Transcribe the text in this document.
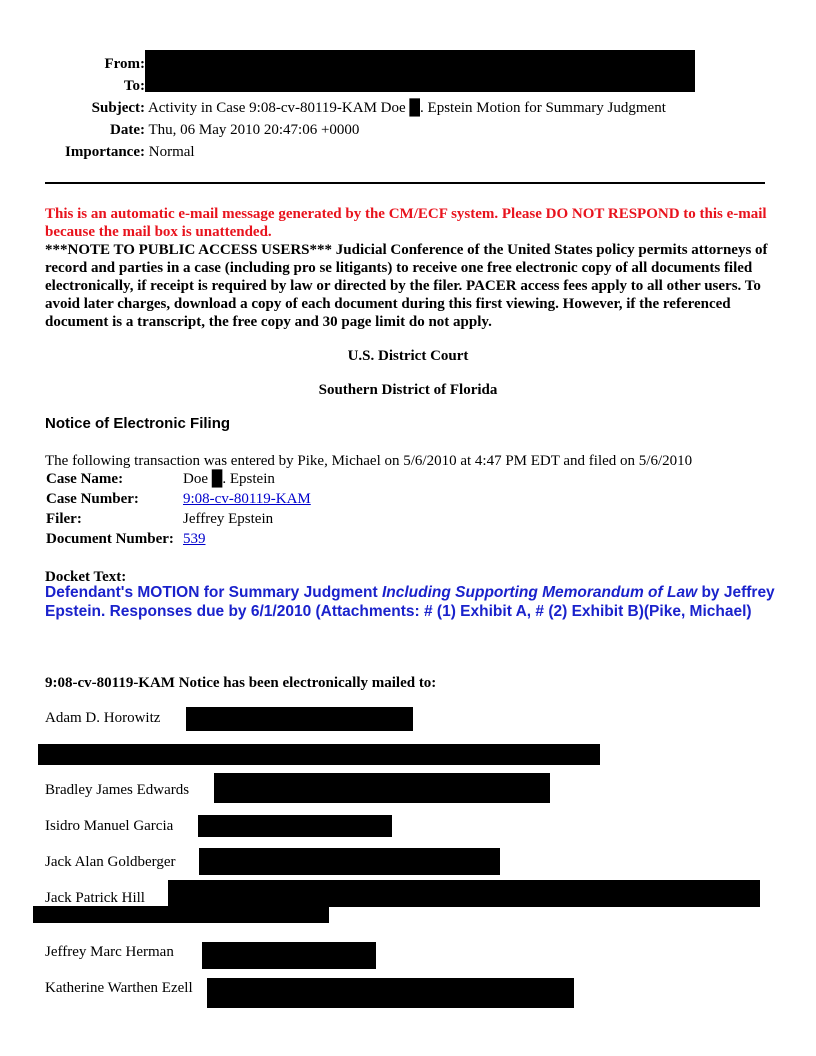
From:
To:
Subject: Activity in Case 9:08-cv-80119-KAM Doe █. Epstein Motion for Summary Judgment
Date: Thu, 06 May 2010 20:47:06 +0000
Importance: Normal
This is an automatic e-mail message generated by the CM/ECF system. Please DO NOT RESPOND to this e-mail because the mail box is unattended.
***NOTE TO PUBLIC ACCESS USERS*** Judicial Conference of the United States policy permits attorneys of record and parties in a case (including pro se litigants) to receive one free electronic copy of all documents filed electronically, if receipt is required by law or directed by the filer. PACER access fees apply to all other users. To avoid later charges, download a copy of each document during this first viewing. However, if the referenced document is a transcript, the free copy and 30 page limit do not apply.
U.S. District Court
Southern District of Florida
Notice of Electronic Filing
The following transaction was entered by Pike, Michael on 5/6/2010 at 4:47 PM EDT and filed on 5/6/2010
Case Name:	Doe █. Epstein
Case Number:	9:08-cv-80119-KAM
Filer:	Jeffrey Epstein
Document Number:	539
Docket Text:
Defendant's MOTION for Summary Judgment Including Supporting Memorandum of Law by Jeffrey Epstein. Responses due by 6/1/2010 (Attachments: # (1) Exhibit A, # (2) Exhibit B)(Pike, Michael)
9:08-cv-80119-KAM Notice has been electronically mailed to:
Adam D. Horowitz
Bradley James Edwards
Isidro Manuel Garcia
Jack Alan Goldberger
Jack Patrick Hill
Jeffrey Marc Herman
Katherine Warthen Ezell
